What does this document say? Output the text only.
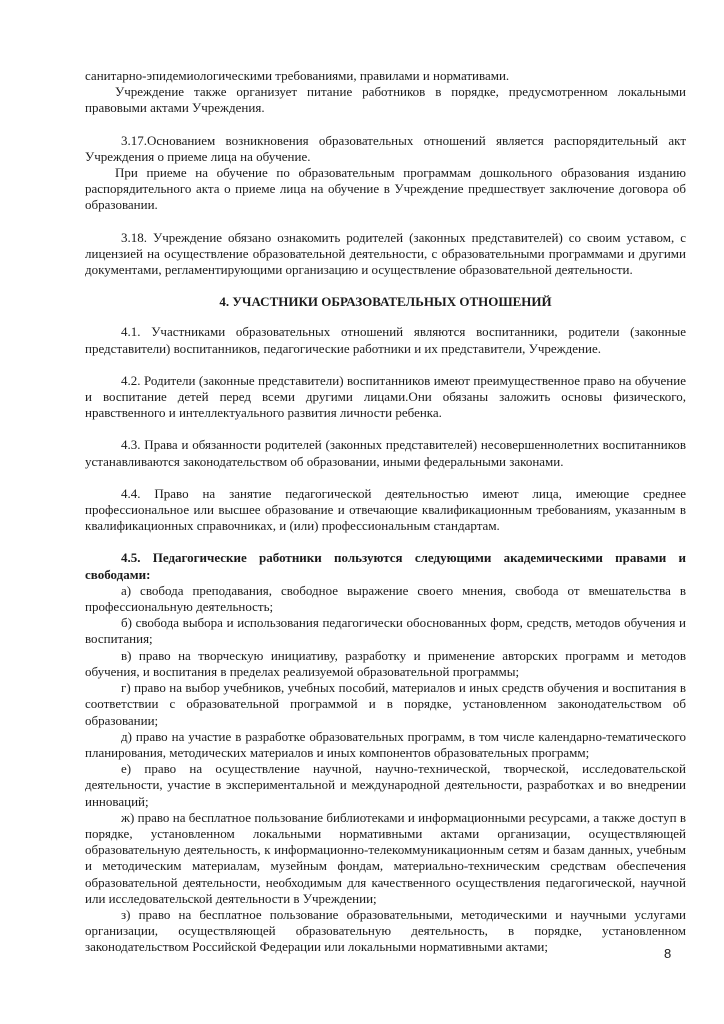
санитарно-эпидемиологическими требованиями, правилами и нормативами.

Учреждение также организует питание работников в порядке, предусмотренном локальными правовыми актами Учреждения.

3.17.Основанием возникновения образовательных отношений является распорядительный акт Учреждения о приеме лица на обучение.

При приеме на обучение по образовательным программам дошкольного образования изданию распорядительного акта о приеме лица на обучение в Учреждение предшествует заключение договора об образовании.

3.18. Учреждение обязано ознакомить родителей (законных представителей) со своим уставом, с лицензией на осуществление образовательной деятельности, с образовательными программами и другими документами, регламентирующими организацию и осуществление образовательной деятельности.

4. УЧАСТНИКИ ОБРАЗОВАТЕЛЬНЫХ ОТНОШЕНИЙ

4.1. Участниками образовательных отношений являются воспитанники, родители (законные представители) воспитанников, педагогические работники и их представители, Учреждение.

4.2. Родители (законные представители) воспитанников имеют преимущественное право на обучение и воспитание детей перед всеми другими лицами.Они обязаны заложить основы физического, нравственного и интеллектуального развития личности ребенка.

4.3. Права и обязанности родителей (законных представителей) несовершеннолетних воспитанников устанавливаются законодательством об образовании, иными федеральными законами.

4.4. Право на занятие педагогической деятельностью имеют лица, имеющие среднее профессиональное или высшее образование и отвечающие квалификационным требованиям, указанным в квалификационных справочниках, и (или) профессиональным стандартам.

4.5. Педагогические работники пользуются следующими академическими правами и свободами:

а) свобода преподавания, свободное выражение своего мнения, свобода от вмешательства в профессиональную деятельность;

б) свобода выбора и использования педагогически обоснованных форм, средств, методов обучения и воспитания;

в) право на творческую инициативу, разработку и применение авторских программ и методов обучения, и воспитания в пределах реализуемой образовательной программы;

г) право на выбор учебников, учебных пособий, материалов и иных средств обучения и воспитания в соответствии с образовательной программой и в порядке, установленном законодательством об образовании;

д) право на участие в разработке образовательных программ, в том числе календарно-тематического планирования, методических материалов и иных компонентов образовательных программ;

е) право на осуществление научной, научно-технической, творческой, исследовательской деятельности, участие в экспериментальной и международной деятельности, разработках и во внедрении инноваций;

ж) право на бесплатное пользование библиотеками и информационными ресурсами, а также доступ в порядке, установленном локальными нормативными актами организации, осуществляющей образовательную деятельность, к информационно-телекоммуникационным сетям и базам данных, учебным и методическим материалам, музейным фондам, материально-техническим средствам обеспечения образовательной деятельности, необходимым для качественного осуществления педагогической, научной или исследовательской деятельности в Учреждении;

з) право на бесплатное пользование образовательными, методическими и научными услугами организации, осуществляющей образовательную деятельность, в порядке, установленном законодательством Российской Федерации или локальными нормативными актами;	8
